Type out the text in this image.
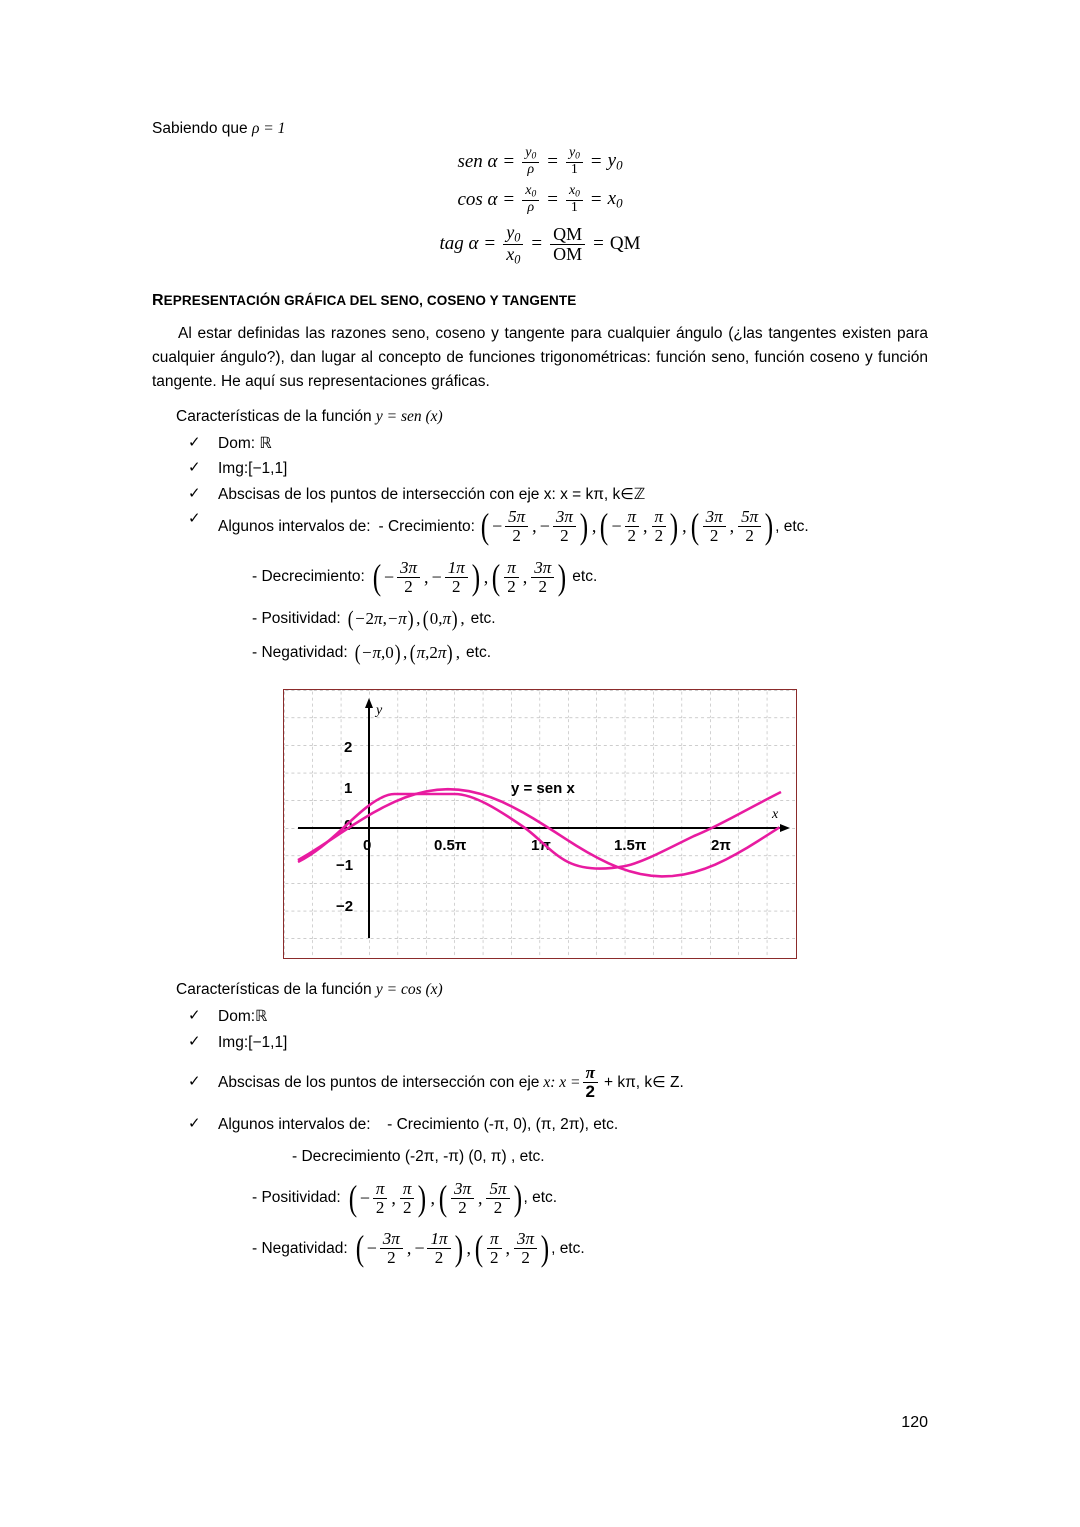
Sabiendo que ρ = 1
sen $\alpha = \frac{y_0}{\rho} = \frac{y_0}{1} = y_0$
$\cos \alpha = \frac{x_0}{\rho} = \frac{x_0}{1} = x_0$
tag $\alpha = \frac{y_0}{x_0} = \frac{QM}{OM}$ = QM
REPRESENTACIÓN GRÁFICA DEL SENO, COSENO Y TANGENTE
Al estar definidas las razones seno, coseno y tangente para cualquier ángulo (¿las tangentes existen para cualquier ángulo?), dan lugar al concepto de funciones trigonométricas: función seno, función coseno y función tangente. He aquí sus representaciones gráficas.
Características de la función y = sen (x)
✓	Dom: ℝ
✓	Img:[−1,1]
✓	Abscisas de los puntos de intersección con eje x: x = kπ, k∈ℤ
✓	Algunos intervalos de: - Crecimiento: ( − $\frac{5\pi}{2}$ , − $\frac{3\pi}{2}$ ) , ( − $\frac{\pi}{2}$ , $\frac{\pi}{2}$ ) , ( $\frac{3\pi}{2}$ , $\frac{5\pi}{2}$ ) , etc.
- Decrecimiento: ( − $\frac{3\pi}{2}$ , − $\frac{1\pi}{2}$ ) , ( $\frac{\pi}{2}$ , $\frac{3\pi}{2}$ ) etc.
- Positividad: ( − 2 π , −π ) , ( 0, π ) , etc.
- Negatividad: ( −π ,0 ) , ( π ,2 π ) , etc.
y
x
2
1
0
−1
−2
0	0.5π	1π	1.5π	2π
y = sen x
Características de la función y = cos (x)
✓	Dom:ℝ
✓	Img:[−1,1]
✓	Abscisas de los puntos de intersección con eje x: $x = \frac{\pi}{2} + k\pi$, k∈ Z.
✓	Algunos intervalos de: - Crecimiento (-π, 0), (π, 2π), etc.
- Decrecimiento (-2π, -π) (0, π) , etc.
- Positividad: ( − $\frac{\pi}{2}$ , $\frac{\pi}{2}$ ) , ( $\frac{3\pi}{2}$ , $\frac{5\pi}{2}$ ) , etc.
- Negatividad: ( − $\frac{3\pi}{2}$ , − $\frac{1\pi}{2}$ ) , ( $\frac{\pi}{2}$ , $\frac{3\pi}{2}$ ) , etc.
120
